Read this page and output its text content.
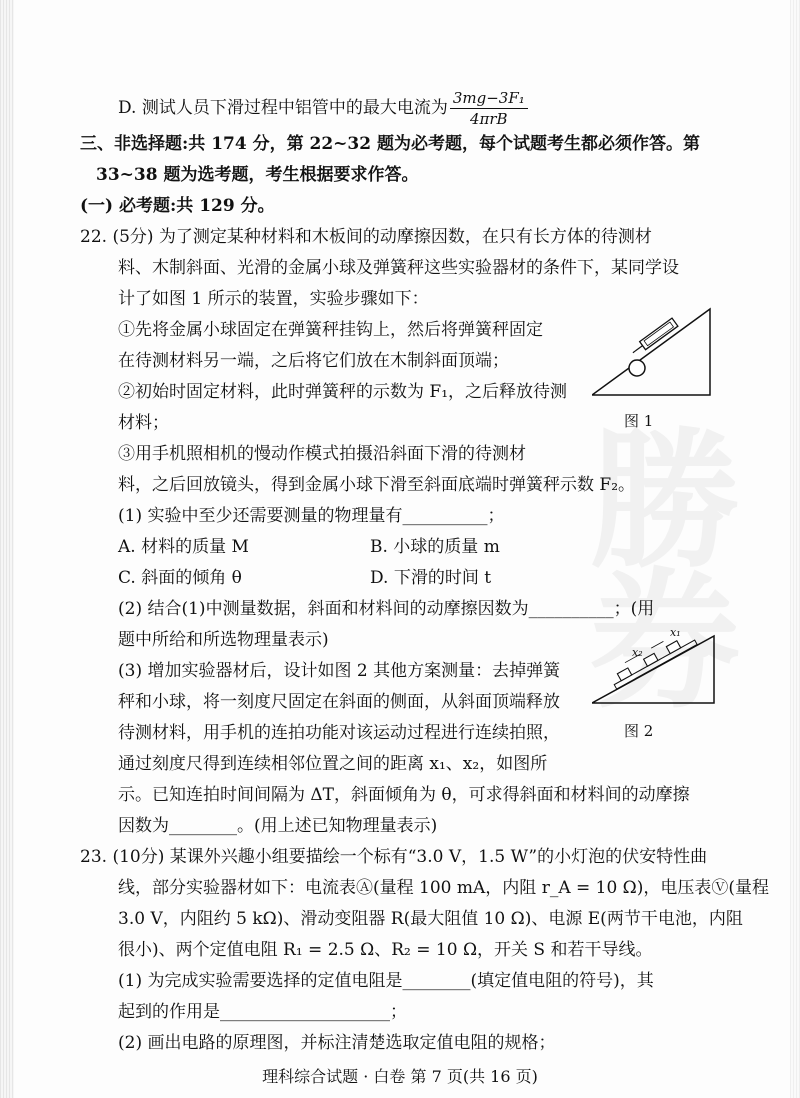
D. 测试人员下滑过程中铝管中的最大电流为 $\frac{\text{3mg−3F₁}}{\text{4πrB}}$
三、非选择题:共 174 分，第 22~32 题为必考题，每个试题考生都必须作答。第
33~38 题为选考题，考生根据要求作答。
(一) 必考题:共 129 分。
22. (5分) 为了测定某种材料和木板间的动摩擦因数，在只有长方体的待测材
料、木制斜面、光滑的金属小球及弹簧秤这些实验器材的条件下，某同学设
计了如图 1 所示的装置，实验步骤如下：
①先将金属小球固定在弹簧秤挂钩上，然后将弹簧秤固定
在待测材料另一端，之后将它们放在木制斜面顶端；
②初始时固定材料，此时弹簧秤的示数为 F₁，之后释放待测
材料；
③用手机照相机的慢动作模式拍摄沿斜面下滑的待测材
料，之后回放镜头，得到金属小球下滑至斜面底端时弹簧秤示数 F₂。
图 1
(1) 实验中至少还需要测量的物理量有__________；
A. 材料的质量 M	B. 小球的质量 m
C. 斜面的倾角 θ	D. 下滑的时间 t
(2) 结合(1)中测量数据，斜面和材料间的动摩擦因数为__________；(用
题中所给和所选物理量表示)
(3) 增加实验器材后，设计如图 2 其他方案测量：去掉弹簧
秤和小球，将一刻度尺固定在斜面的侧面，从斜面顶端释放
待测材料，用手机的连拍功能对该运动过程进行连续拍照，
通过刻度尺得到连续相邻位置之间的距离 x₁、x₂，如图所
示。已知连拍时间间隔为 ΔT，斜面倾角为 θ，可求得斜面和材料间的动摩擦
因数为________。(用上述已知物理量表示)
x₁
x₂
图 2
23. (10分) 某课外兴趣小组要描绘一个标有“3.0 V，1.5 W”的小灯泡的伏安特性曲
线，部分实验器材如下：电流表Ⓐ(量程 100 mA，内阻 r_A = 10 Ω)，电压表Ⓥ(量程
3.0 V，内阻约 5 kΩ)、滑动变阻器 R(最大阻值 10 Ω)、电源 E(两节干电池，内阻
很小)、两个定值电阻 R₁ = 2.5 Ω、R₂ = 10 Ω，开关 S 和若干导线。
(1) 为完成实验需要选择的定值电阻是________(填定值电阻的符号)，其
起到的作用是____________________；
(2) 画出电路的原理图，并标注清楚选取定值电阻的规格；
理科综合试题 · 白卷 第 7 页(共 16 页)
